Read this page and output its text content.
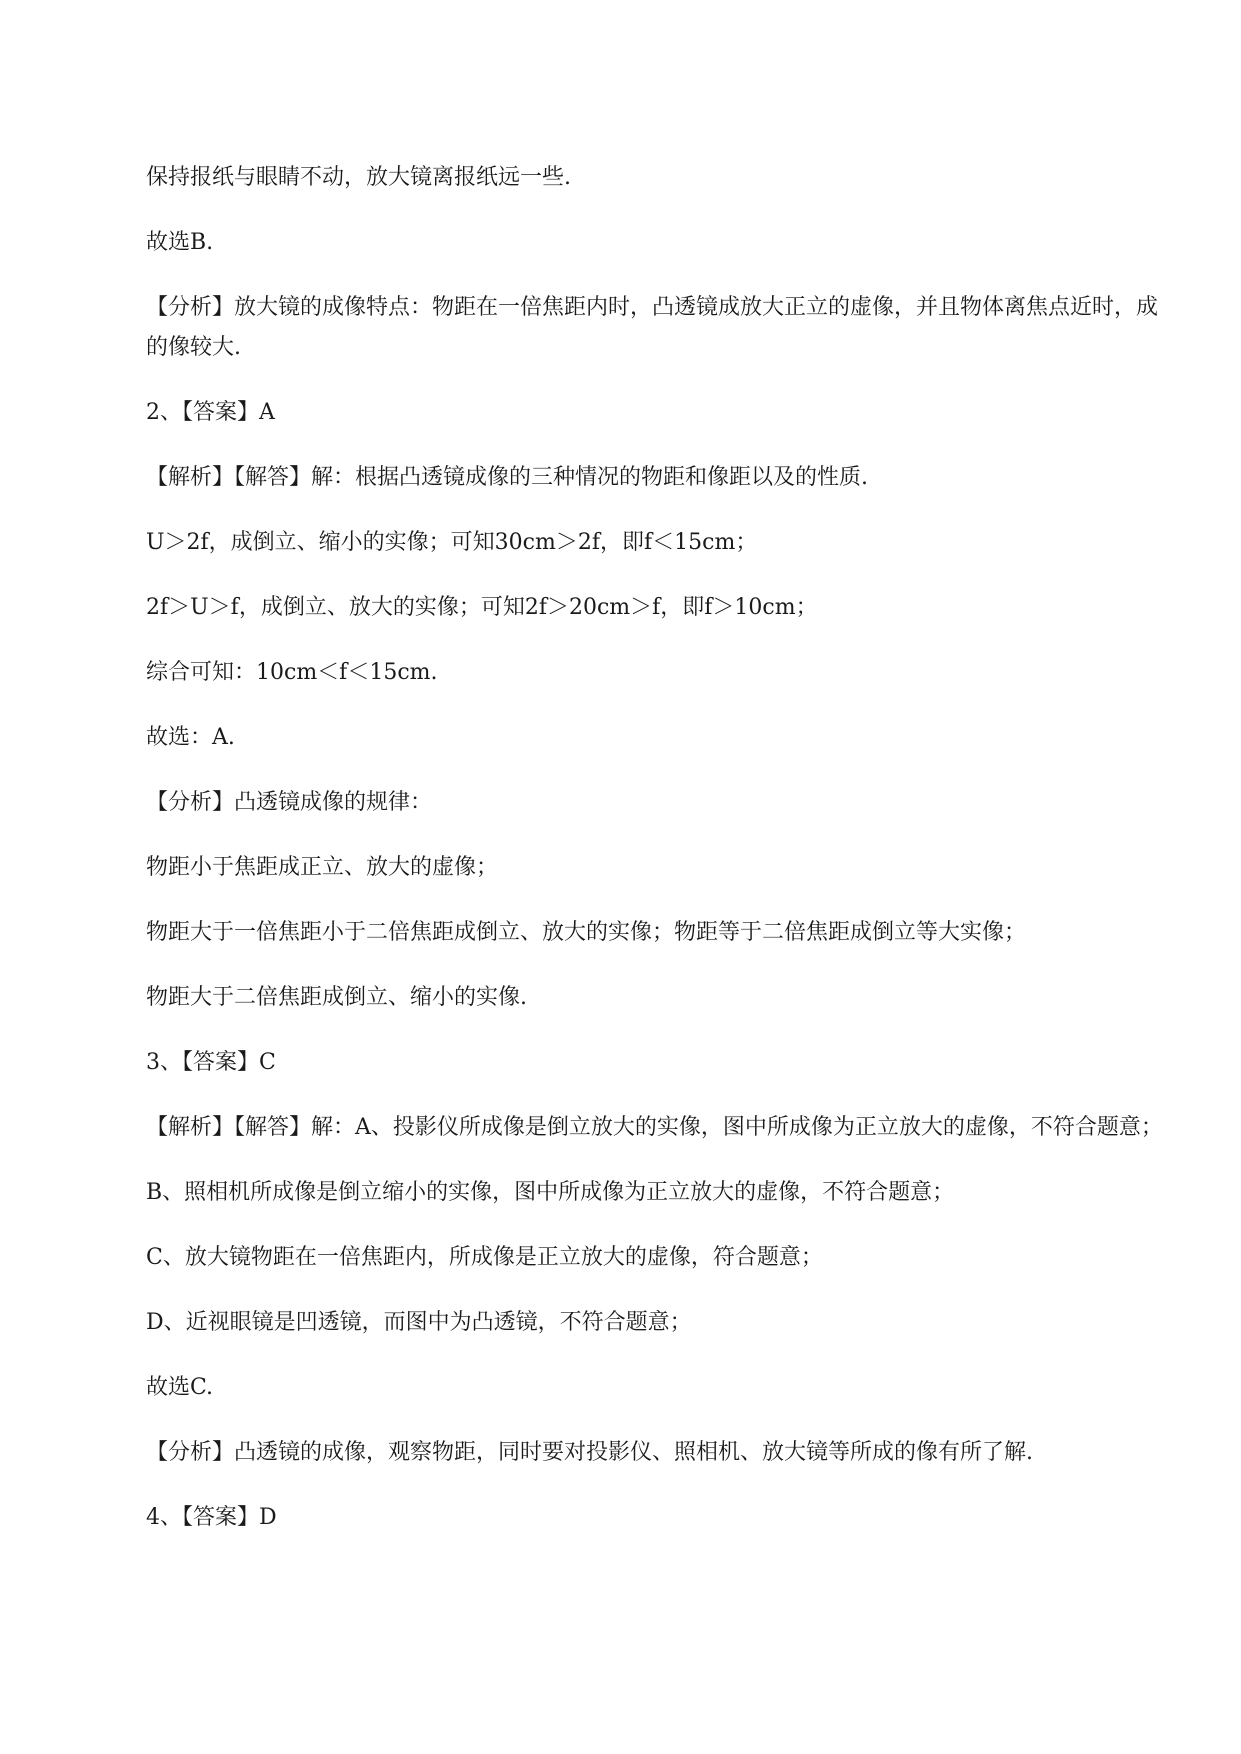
保持报纸与眼睛不动，放大镜离报纸远一些.

故选B.

【分析】放大镜的成像特点：物距在一倍焦距内时，凸透镜成放大正立的虚像，并且物体离焦点近时，成的像较大.

2、【答案】A

【解析】【解答】解：根据凸透镜成像的三种情况的物距和像距以及的性质.

U＞2f，成倒立、缩小的实像；可知30cm＞2f，即f＜15cm；

2f＞U＞f，成倒立、放大的实像；可知2f＞20cm＞f，即f＞10cm；

综合可知：10cm＜f＜15cm.

故选：A.

【分析】凸透镜成像的规律：

物距小于焦距成正立、放大的虚像；

物距大于一倍焦距小于二倍焦距成倒立、放大的实像；物距等于二倍焦距成倒立等大实像；

物距大于二倍焦距成倒立、缩小的实像.

3、【答案】C

【解析】【解答】解：A、投影仪所成像是倒立放大的实像，图中所成像为正立放大的虚像，不符合题意；

B、照相机所成像是倒立缩小的实像，图中所成像为正立放大的虚像，不符合题意；

C、放大镜物距在一倍焦距内，所成像是正立放大的虚像，符合题意；

D、近视眼镜是凹透镜，而图中为凸透镜，不符合题意；

故选C.

【分析】凸透镜的成像，观察物距，同时要对投影仪、照相机、放大镜等所成的像有所了解.

4、【答案】D
